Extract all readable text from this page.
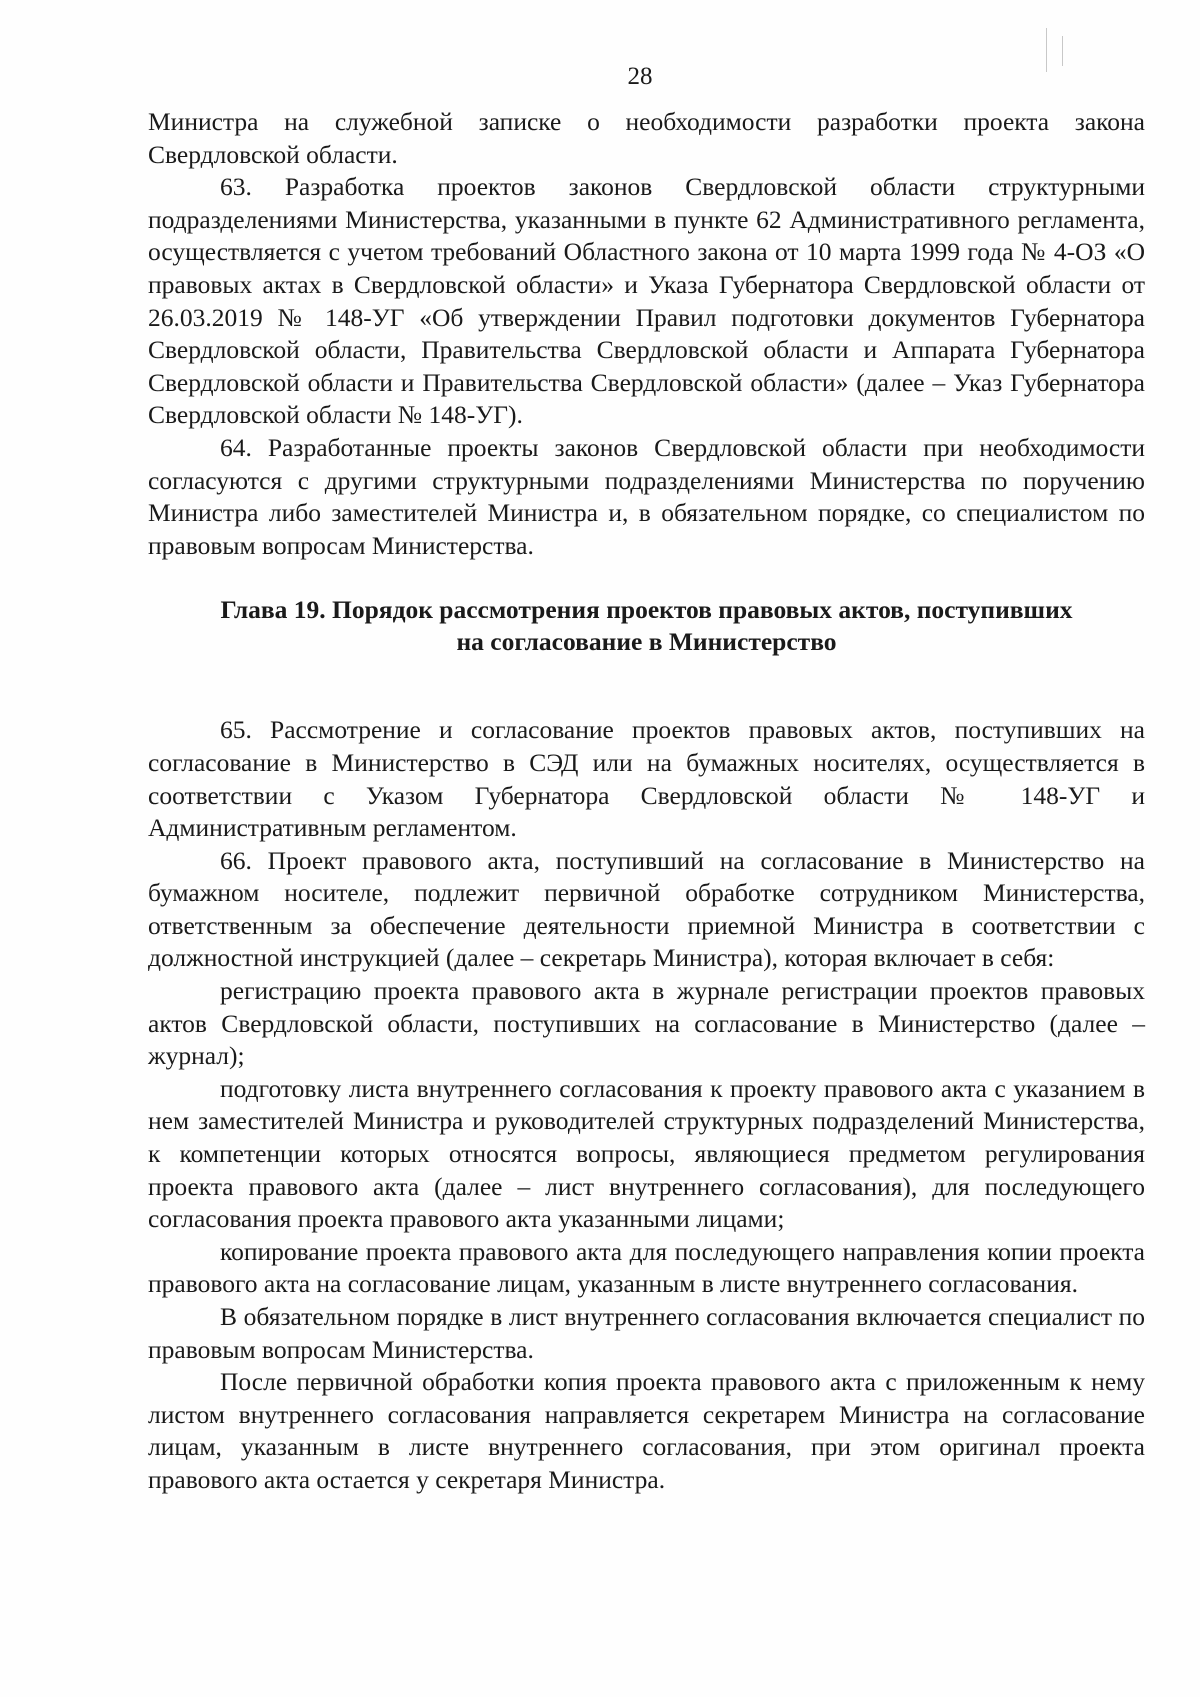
28

Министра на служебной записке о необходимости разработки проекта закона Свердловской области.

63. Разработка проектов законов Свердловской области структурными подразделениями Министерства, указанными в пункте 62 Административного регламента, осуществляется с учетом требований Областного закона от 10 марта 1999 года № 4-ОЗ «О правовых актах в Свердловской области» и Указа Губернатора Свердловской области от 26.03.2019 № 148-УГ «Об утверждении Правил подготовки документов Губернатора Свердловской области, Правительства Свердловской области и Аппарата Губернатора Свердловской области и Правительства Свердловской области» (далее – Указ Губернатора Свердловской области № 148-УГ).

64. Разработанные проекты законов Свердловской области при необходимости согласуются с другими структурными подразделениями Министерства по поручению Министра либо заместителей Министра и, в обязательном порядке, со специалистом по правовым вопросам Министерства.

Глава 19. Порядок рассмотрения проектов правовых актов, поступивших
на согласование в Министерство

65. Рассмотрение и согласование проектов правовых актов, поступивших на согласование в Министерство в СЭД или на бумажных носителях, осуществляется в соответствии с Указом Губернатора Свердловской области № 148-УГ и Административным регламентом.

66. Проект правового акта, поступивший на согласование в Министерство на бумажном носителе, подлежит первичной обработке сотрудником Министерства, ответственным за обеспечение деятельности приемной Министра в соответствии с должностной инструкцией (далее – секретарь Министра), которая включает в себя:

регистрацию проекта правового акта в журнале регистрации проектов правовых актов Свердловской области, поступивших на согласование в Министерство (далее – журнал);

подготовку листа внутреннего согласования к проекту правового акта с указанием в нем заместителей Министра и руководителей структурных подразделений Министерства, к компетенции которых относятся вопросы, являющиеся предметом регулирования проекта правового акта (далее – лист внутреннего согласования), для последующего согласования проекта правового акта указанными лицами;

копирование проекта правового акта для последующего направления копии проекта правового акта на согласование лицам, указанным в листе внутреннего согласования.

В обязательном порядке в лист внутреннего согласования включается специалист по правовым вопросам Министерства.

После первичной обработки копия проекта правового акта с приложенным к нему листом внутреннего согласования направляется секретарем Министра на согласование лицам, указанным в листе внутреннего согласования, при этом оригинал проекта правового акта остается у секретаря Министра.
